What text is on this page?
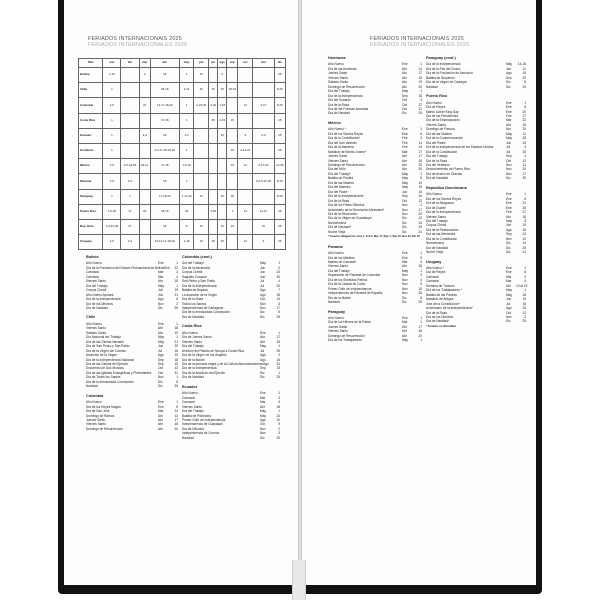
FERIADOS INTERNACIONAIS 2025
FERIADOS INTERNACIONALES 2025
FERIADOS INTERNACIONAIS 2025
FERIADOS INTERNACIONALES 2025
País	ene	feb	mar	abr	may	jun	jul	ago	sep	oct	nov	dic
Bolivia	1-22		4	18	1	19		6				25
Chile	1			18-19	1-21	20	16	15	18-19			8-25
Colombia	1-6		24	13-17-18-20	1	2-23-30	4-20	7-18		13	3-17	8-25
Costa Rica	1			17-18	1		25	2-15	15			25
Ecuador	1		3-4	18	1-2			10		9	2-3	25
Honduras	1			3,4-17-18-19-20	1				15	3-12-21		25
México	1-6	3-5-24-26	18-21	17-18	1-5-10				16	12	2-17-20	12-25
Panamá	1-9	3-4		18	1						3-4-5-10-28	8-25
Paraguay	1	1		17-18-20	1-14-15	12		15	29			8-25
Puerto Rico	1-6-20	17	25	18-20	26		4-25		1	13	11-27	25
Rep. Dom.	1-6-21-26	27		18	5	19		16	24		10	25
Uruguay	1-6	3-4		13-14-17-18-19	1-18	19	18	25		12	2	25
Bolivia
Año Nuevo	Ene	1
Día de la Fundación del Estado Plurinacional de Bolivia Ene	22
Carnaval	Mar	3
Carnaval	Mar	4
Viernes Santo	Abr	18
Día del Trabajo	May	1
Corpus Christi	Jun	19
Año Nuevo Aymara	Jun	21
Día de la Independencia	Ago	6
Día de los Difuntos	Nov	2
Día de Navidad	Dic	25
Chile
Año Nuevo	Ene	1
Viernes Santo	Abr	18
Sábado Santo	Abr	19
Día Nacional del Trabajo	May	1
Día de las Glorias Navales	May	21
Día de San Pedro y San Pablo	Jun	29
Día de la Virgen del Carmen	Jul	16
Asunción de la Virgen	Ago	15
Día de la Independencia Nacional	Sep	18
Día de las Glorias del Ejército	Sep	19
Encuentro de Dos Mundos	Oct	12
Día de las Iglesias Evangélicas y Protestantes	Oct	31
Día de Todos los Santos	Nov	1
Día de la Inmaculada Concepción	Dic	8
Navidad	Dic	25
Colombia
Año Nuevo	Ene	1
Día de los Reyes Magos	Ene	6
Día de San José	Mar	24
Domingo de Ramos	Abr	13
Jueves Santo	Abr	17
Viernes Santo	Abr	18
Domingo de Resurrección	Abr	20
Colombia (cont.)
Día del Trabajo	May	1
Día de la Ascensión	Jun	2
Corpus Christi	Jun	23
Sagrado Corazón	Jun	30
San Pedro y San Pablo	Jul	4
Día de la Independencia	Jul	20
Batalla de Boyacá	Ago	7
La asunción de la Virgen	Ago	18
Día de la Raza	Oct	13
Todos los Santos	Nov	3
Independencia de Cartagena	Nov	17
Día de la Inmaculada Concepción	Dic	8
Día de Navidad	Dic	25
Costa Rica
Año Nuevo	Ene	1
Día de Jueves Santo	Abr	17
Viernes Santo	Abr	18
Día del Trabajo	May	1
Anexión del Partido de Nicoya a Costa Rica	Jul	25
Día de la Virgen de los Ángeles	Ago	2
Día de la Madre	Ago	15
Día de la persona negra y de la Cultura Afrocostarricense Ago	31
Día de la Independencia	Sep	15
Día de la Abolición del Ejército	Dic	1
Día de Navidad	Dic	25
Ecuador
Año Nuevo	Ene	1
Carnaval	Mar	3
Carnaval	Mar	4
Viernes Santo	Abr	18
Día del Trabajo	May	1
Batalla de Pichincha	May	24
Primer Grito de Independencia	Ago	10
Independencia de Guayaquil	Oct	9
Día de Difuntos	Nov	2
Independencia de Cuenca	Nov	3
Navidad	Dic	25
Honduras
Año Nuevo	Ene	1
Día de las Américas	Abr	14
Jueves Santo	Abr	17
Viernes Santo	Abr	18
Sábado Santo	Abr	19
Domingo de Resurrección	Abr	20
Día del Trabajo	May	1
Día de la Independencia	Sep	15
Día del Soldado	Oct	3
Día de la Raza	Oct	12
Día de las Fuerzas Armadas	Oct	21
Día de Navidad	Dic	25
México
Año Nuevo *	Ene	1
Día de los Santos Reyes	Ene	6
Día de la Constitución*	Feb	3
Día del San Valentín	Feb	14
Día de la Bandera	Feb	24
Natalicio de Benito Juárez*	Mar	17
Jueves Santo	Abr	17
Viernes Santo	Abr	18
Domingo de Resurrección	Abr	20
Día del Niño	Abr	30
Día del Trabajo*	May	1
Batalla de Puebla	May	5
Día de las Madres	May	10
Día del Maestro	May	15
Día del Padre	Jun	15
Día de la Independencia*	Sep	16
Día de la Raza	Oct	12
Día de los Fieles Difuntos	Nov	2
Aniversario de la Revolución Mexicana*	Nov	17
Día de la Revolución	Nov	20
Día de la Virgen de Guadalupe	Dic	12
Nochebuena	Dic	24
Día de Navidad*	Dic	25
Noche Vieja	Dic	31
* Asuetos Obligatorios: Ene 1, Feb 3, Mar 17, May 1, Sep 16, Nov 20, Dic 25
Panamá
Año Nuevo	Ene	1
Día de los Mártires	Ene	9
Martes de Carnaval	Mar	4
Viernes Santo	Abr	18
Día del Trabajo	May	1
Separación de Panamá de Colombia	Nov	3
Día de los Símbolos Patrios	Nov	4
Día de la Ciudad de Colón	Nov	5
Primer Grito de Independencia	Nov	10
Independencia de Panamá de España	Nov	28
Día de la Madre	Dic	8
Navidad	Dic	25
Paraguay
Año Nuevo	Ene	1
Día de los Héroes de la Patria	Mar	1
Jueves Santo	Abr	17
Viernes Santo	Abr	18
Domingo de Resurrección	Abr	20
Día de los Trabajadores	May	1
Paraguay (cont.)
Día de la Independencia	May	14-15
Día de la Paz del Chaco	Jun	12
Día de la Fundación de Asunción	Ago	15
Batalla de Boquerón	Sep	29
Día de la Virgen de Caacupé	Dic	8
Navidad	Dic	25
Puerto Rico
Año Nuevo	Ene	1
Día de Reyes	Ene	6
Martin Luther King Day	Ene	20
Día de los Presidentes	Feb	17
Día de la Emancipación	Mar	22
Viernes Santo	Abr	18
Domingo de Pascua	Abr	20
Día de las Madres	May	11
Día de la Conmemoración	May	26
Día del Padre	Jun	15
Día de la Independencia de los Estados Unidos	Jul	4
Día de la Constitución	Jul	25
Día del Trabajo	Sep	1
Día de la Raza	Oct	13
Día del Veterano	Nov	11
Descubrimiento de Puerto Rico	Nov	19
Día de Acción de Gracias	Nov	27
Día de Navidad	Dic	25
República Dominicana
Año Nuevo	Ene	1
Día de los Santos Reyes	Ene	6
Día de la Altagracia	Ene	21
Día de Duarte	Ene	26
Día de la Independencia	Feb	27
Viernes Santo	Abr	18
Día del Trabajo	May	5
Corpus Christi	Jun	19
Día de la Restauración	Ago	16
Día de las Mercedes	Sep	24
Día de la Constitución	Nov	10
Nochebuena	Dic	24
Día de Navidad	Dic	25
Noche Vieja	Dic	31
Uruguay
Año Nuevo *	Ene	1
Día de Reyes	Ene	6
Carnaval	Mar	3
Carnaval	Mar	4
Semana de Turismo	Abr	13 al 19
Día de los Trabajadores *	May	1
Batalla de las Piedras	May	18
Natalicio de Artigas	Jun	19
Jura de la Constitución*	Jul	18
Aniversario de la Independencia*	Ago	25
Día de la Raza	Oct	12
Día de los Difuntos	Nov	2
Día de Navidad*	Dic	25
* Feriados no laborables
